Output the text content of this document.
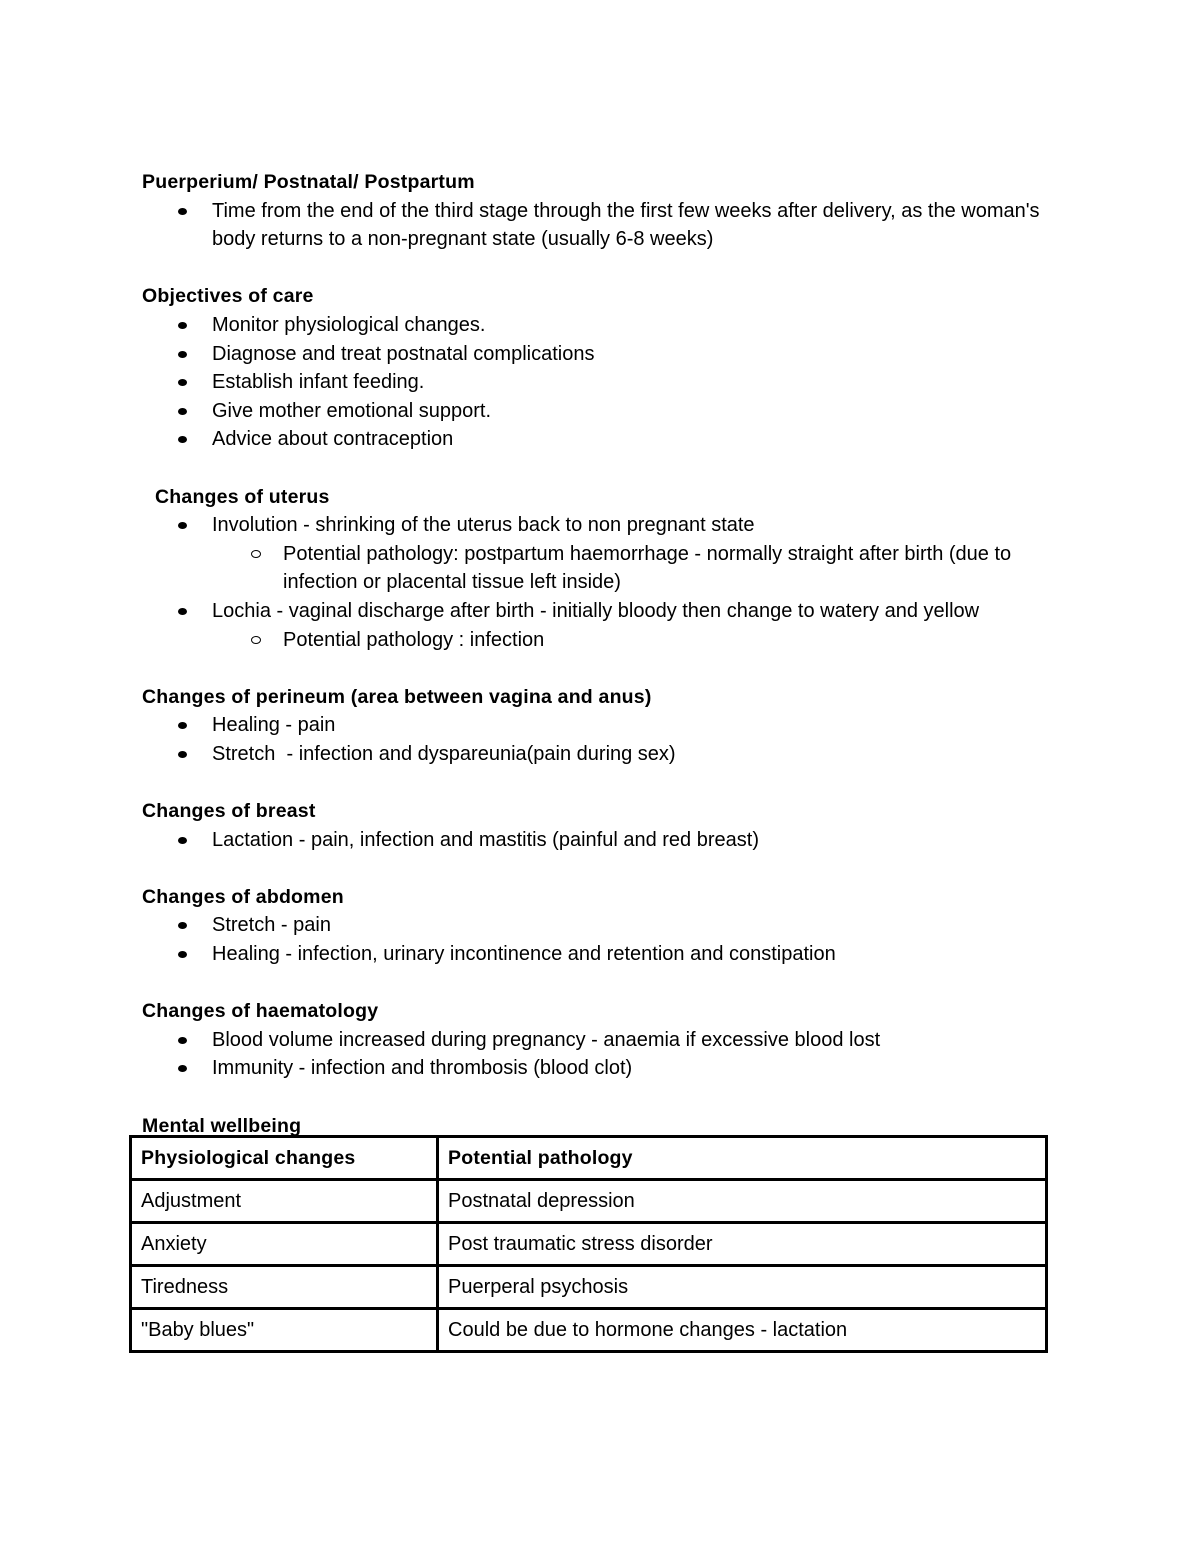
Puerperium/ Postnatal/ Postpartum

Time from the end of the third stage through the first few weeks after delivery, as the woman's body returns to a non-pregnant state (usually 6-8 weeks)

Objectives of care

Monitor physiological changes.
Diagnose and treat postnatal complications
Establish infant feeding.
Give mother emotional support.
Advice about contraception

Changes of uterus

Involution - shrinking of the uterus back to non pregnant state
Potential pathology: postpartum haemorrhage - normally straight after birth (due to infection or placental tissue left inside)
Lochia - vaginal discharge after birth - initially bloody then change to watery and yellow
Potential pathology : infection

Changes of perineum (area between vagina and anus)

Healing - pain
Stretch  - infection and dyspareunia(pain during sex)

Changes of breast

Lactation - pain, infection and mastitis (painful and red breast)

Changes of abdomen

Stretch - pain
Healing - infection, urinary incontinence and retention and constipation

Changes of haematology

Blood volume increased during pregnancy - anaemia if excessive blood lost
Immunity - infection and thrombosis (blood clot)

Mental wellbeing

Physiological changes	Potential pathology
Adjustment	Postnatal depression
Anxiety	Post traumatic stress disorder
Tiredness	Puerperal psychosis
"Baby blues"	Could be due to hormone changes - lactation
